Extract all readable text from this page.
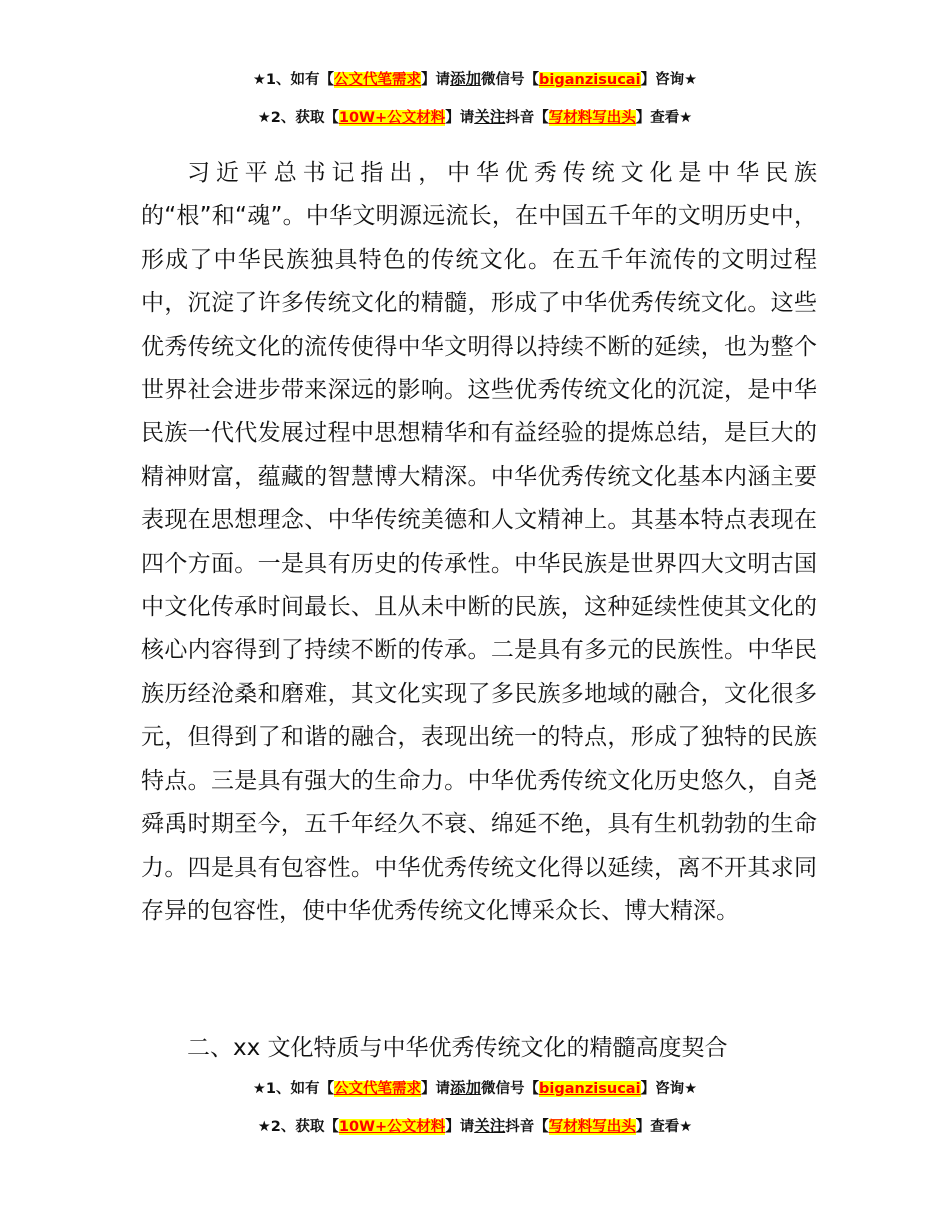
★1、如有【公文代笔需求】请添加微信号【biganzisucai】咨询★
★2、获取【10W+公文材料】请关注抖音【写材料写出头】查看★

习近平总书记指出，中华优秀传统文化是中华民族的“根”和“魂”。中华文明源远流长，在中国五千年的文明历史中，形成了中华民族独具特色的传统文化。在五千年流传的文明过程中，沉淀了许多传统文化的精髓，形成了中华优秀传统文化。这些优秀传统文化的流传使得中华文明得以持续不断的延续，也为整个世界社会进步带来深远的影响。这些优秀传统文化的沉淀，是中华民族一代代发展过程中思想精华和有益经验的提炼总结，是巨大的精神财富，蕴藏的智慧博大精深。中华优秀传统文化基本内涵主要表现在思想理念、中华传统美德和人文精神上。其基本特点表现在四个方面。一是具有历史的传承性。中华民族是世界四大文明古国中文化传承时间最长、且从未中断的民族，这种延续性使其文化的核心内容得到了持续不断的传承。二是具有多元的民族性。中华民族历经沧桑和磨难，其文化实现了多民族多地域的融合，文化很多元，但得到了和谐的融合，表现出统一的特点，形成了独特的民族特点。三是具有强大的生命力。中华优秀传统文化历史悠久，自尧舜禹时期至今，五千年经久不衰、绵延不绝，具有生机勃勃的生命力。四是具有包容性。中华优秀传统文化得以延续，离不开其求同存异的包容性，使中华优秀传统文化博采众长、博大精深。

二、xx 文化特质与中华优秀传统文化的精髓高度契合

★1、如有【公文代笔需求】请添加微信号【biganzisucai】咨询★
★2、获取【10W+公文材料】请关注抖音【写材料写出头】查看★
